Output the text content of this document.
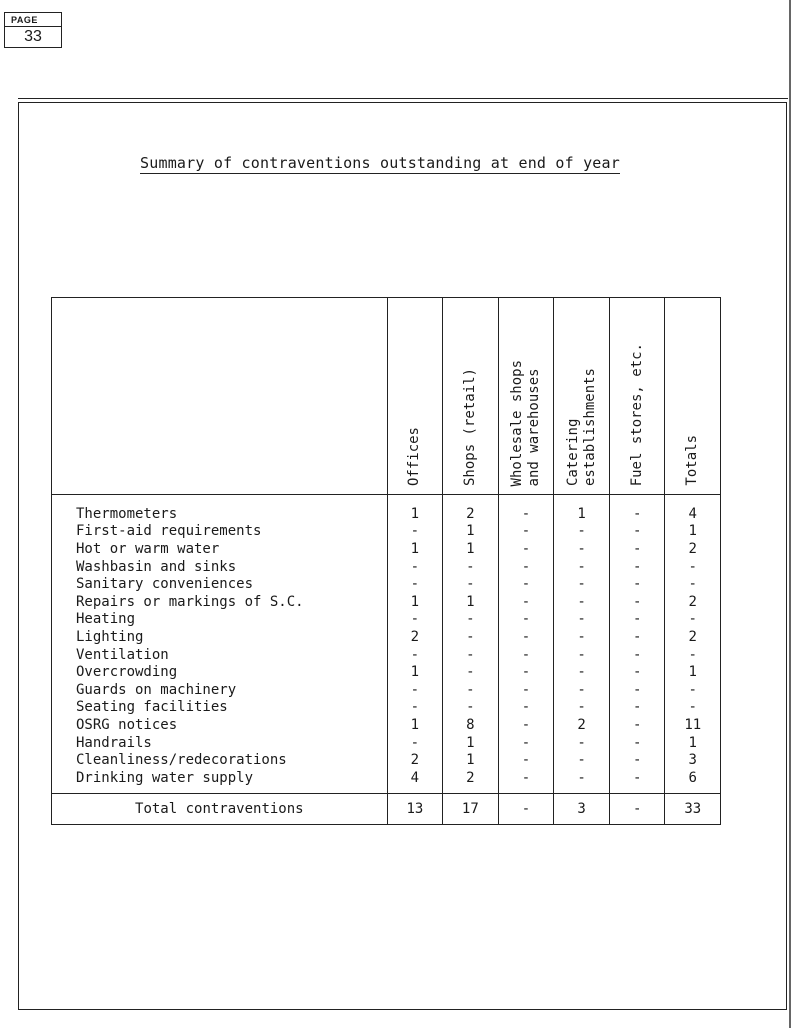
PAGE
33
Summary of contraventions outstanding at end of year

	Offices	Shops (retail)	Wholesale shops
and warehouses	Catering
establishments	Fuel stores, etc.	Totals

Thermometers	1	2	-	1	-	4
First-aid requirements	-	1	-	-	-	1
Hot or warm water	1	1	-	-	-	2
Washbasin and sinks	-	-	-	-	-	-
Sanitary conveniences	-	-	-	-	-	-
Repairs or markings of S.C.	1	1	-	-	-	2
Heating	-	-	-	-	-	-
Lighting	2	-	-	-	-	2
Ventilation	-	-	-	-	-	-
Overcrowding	1	-	-	-	-	1
Guards on machinery	-	-	-	-	-	-
Seating facilities	-	-	-	-	-	-
OSRG notices	1	8	-	2	-	11
Handrails	-	1	-	-	-	1
Cleanliness/redecorations	2	1	-	-	-	3
Drinking water supply	4	2	-	-	-	6
Total contraventions	13	17	-	3	-	33
